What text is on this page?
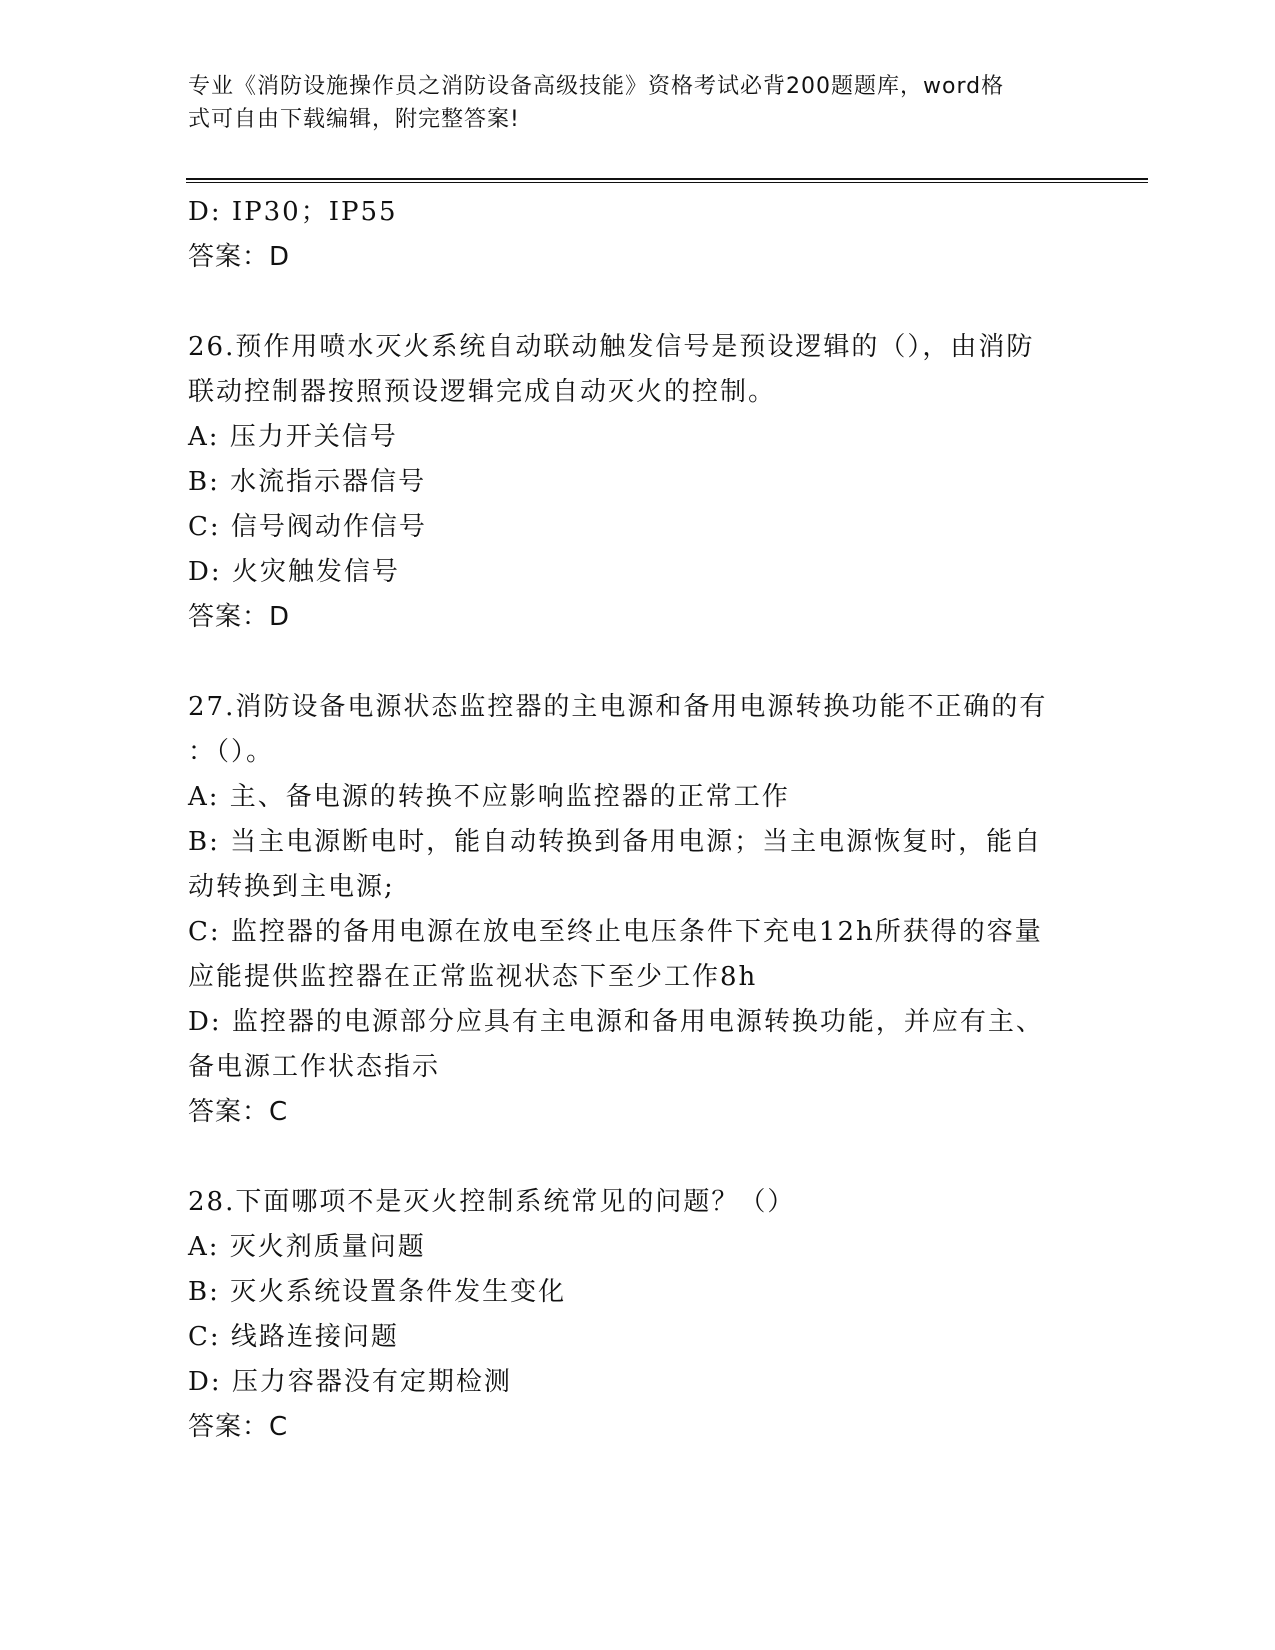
专业《消防设施操作员之消防设备高级技能》资格考试必背200题题库，word格
式可自由下载编辑，附完整答案!
D: IP30；IP55
答案：D
26.预作用喷水灭火系统自动联动触发信号是预设逻辑的（），由消防
联动控制器按照预设逻辑完成自动灭火的控制。
A: 压力开关信号
B: 水流指示器信号
C: 信号阀动作信号
D: 火灾触发信号
答案：D
27.消防设备电源状态监控器的主电源和备用电源转换功能不正确的有
：（）。
A: 主、备电源的转换不应影响监控器的正常工作
B: 当主电源断电时，能自动转换到备用电源；当主电源恢复时，能自
动转换到主电源;
C: 监控器的备用电源在放电至终止电压条件下充电12h所获得的容量
应能提供监控器在正常监视状态下至少工作8h
D: 监控器的电源部分应具有主电源和备用电源转换功能，并应有主、
备电源工作状态指示
答案：C
28.下面哪项不是灭火控制系统常见的问题？（）
A: 灭火剂质量问题
B: 灭火系统设置条件发生变化
C: 线路连接问题
D: 压力容器没有定期检测
答案：C
